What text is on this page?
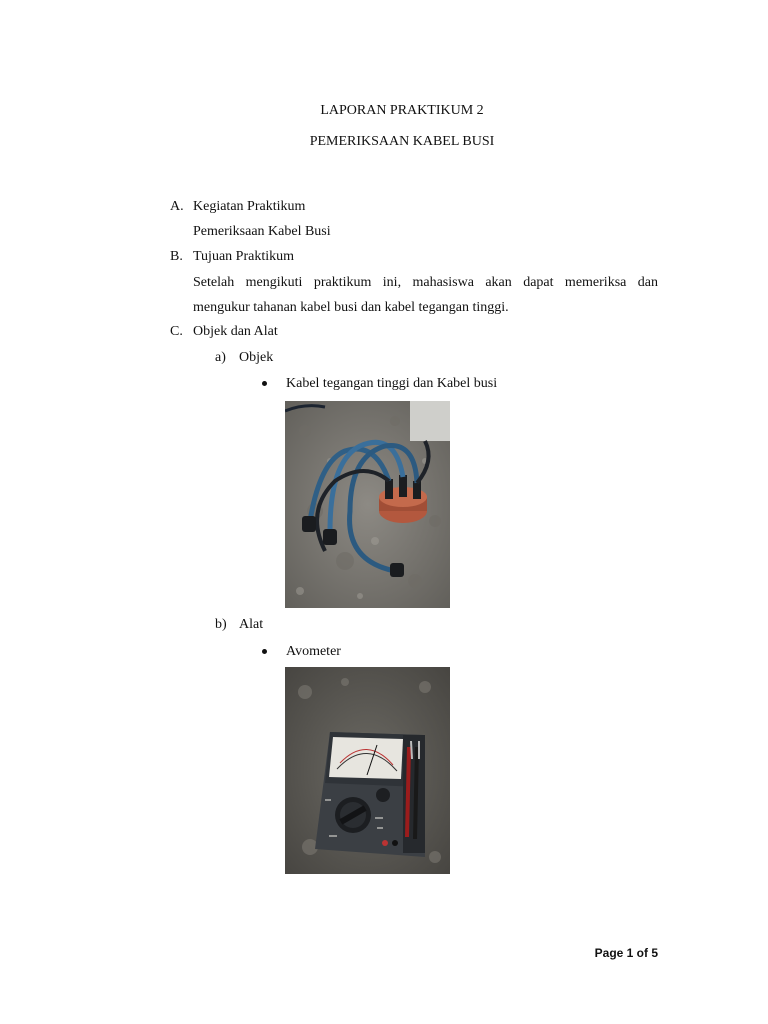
LAPORAN PRAKTIKUM 2
PEMERIKSAAN KABEL BUSI
A. Kegiatan Praktikum
Pemeriksaan Kabel Busi
B. Tujuan Praktikum
Setelah mengikuti praktikum ini, mahasiswa akan dapat memeriksa dan
mengukur tahanan kabel busi dan kabel tegangan tinggi.
C. Objek dan Alat
a) Objek
Kabel tegangan tinggi dan Kabel busi
b) Alat
Avometer
Page 1 of 5
